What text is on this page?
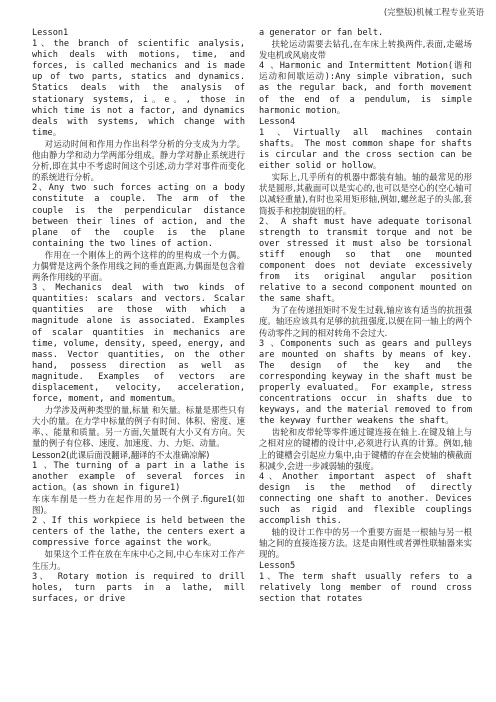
(完整版)机械工程专业英语

Lesson1

1、the branch of scientific analysis, which deals with motions, time, and forces, is called mechanics and is made up of two parts, statics and dynamics. Statics deals with the analysis of stationary systems, i。e。, those in which time is not a factor, and dynamics deals with systems, which change with time。

对运动时间和作用力作出科学分析的分支成为力学。他由静力学和动力学两部分组成。静力学对静止系统进行分析,即在其中不考虑时间这个引述,动力学对事件而变化的系统进行分析。

2、Any two such forces acting on a body constitute a couple. The arm of the couple is the perpendicular distance between their lines of action, and the plane of the couple is the plane containing the two lines of action.

作用在一个刚体上的两个这样的的里构成一个力偶。力偶臂是这两个条作用线之间的垂直距离,力偶面是包含着两条作用线的平面。

3、Mechanics deal with two kinds of quantities: scalars and vectors. Scalar quantities are those with which a magnitude alone is associated. Examples of scalar quantities in mechanics are time, volume, density, speed, energy, and mass. Vector quantities, on the other hand, possess direction as well as magnitude. Examples of vectors are displacement, velocity, acceleration, force, moment, and momentum。

力学涉及两种类型的量,标量 和矢量。标量是那些只有大小的量。在力学中标量的例子有时间、体积、密度、速率、、能量和质量。另一方面,矢量既有大小又有方向。矢量的例子有位移、速度、加速度、力、力矩、动量。

Lesson2(此课后面没翻译,翻译的不太准确凉解)

1 、The turning of a part in a lathe is another example of several forces in action。(as shown in figure1)

车床车削是一些力在起作用的另一个例子.figure1(如图)。

2 、If this workpiece is held between the centers of the lathe, the centers exert a compressive force against the work。

如果这个工件在放在车床中心之间,中心车床对工作产生压力。

3、 Rotary motion is required to drill holes, turn parts in a lathe, mill surfaces, or drive

a generator or fan belt.

扶轮运动需要去钻孔,在车床上转换两件,表面,走磁场发电机或风扇皮带

4 、Harmonic and Intermittent Motion(谐和运动和间歇运动):Any simple vibration, such as the regular back, and forth movement of the end of a pendulum, is simple harmonic motion。

Lesson4

1 、Virtually all machines contain shafts。 The most common shape for shafts is circular and the cross section can be either solid or hollow。

实际上,几乎所有的机器中都装有轴。轴的最常见的形状是圆形,其截面可以是实心的,也可以是空心的(空心轴可以减轻重量),有时也采用矩形轴,例如,螺丝起子的头部,套筒扳手和控制旋钮的杆。

2、 A shaft must have adequate torisonal strength to transmit torque and not be over stressed it must also be torsional stiff enough so that one mounted component does not deviate excessively from its original angular position relative to a second component mounted on the same shaft。

为了在传递扭矩时不发生过载,轴应该有适当的抗扭强度。轴还应该具有足够的抗扭强度,以便在同一轴上的两个传动零件之间的相对转角不会过大.

3 、Components such as gears and pulleys are mounted on shafts by means of key. The design of the key and the corresponding keyway in the shaft must be properly evaluated。 For example, stress concentrations occur in shafts due to keyways, and the material removed to from the keyway further weakens the shaft。

齿轮和皮带轮等零件通过键连接在轴上.在键及轴上与之相对应的键槽的设计中,必须进行认真的计算。例如,轴上的键槽会引起应力集中,由于键槽的存在会使轴的横截面积减少,会进一步减弱轴的强度。

4、Another important aspect of shaft design is the method of directly connecting one shaft to another. Devices such as rigid and flexible couplings accomplish this.

轴的设计工作中的另一个重要方面是一根轴与另一根轴之间的直接连接方法。这是由刚性或者弹性联轴器来实现的。

Lesson5

1、The term shaft usually refers to a relatively long member of round cross section that rotates
